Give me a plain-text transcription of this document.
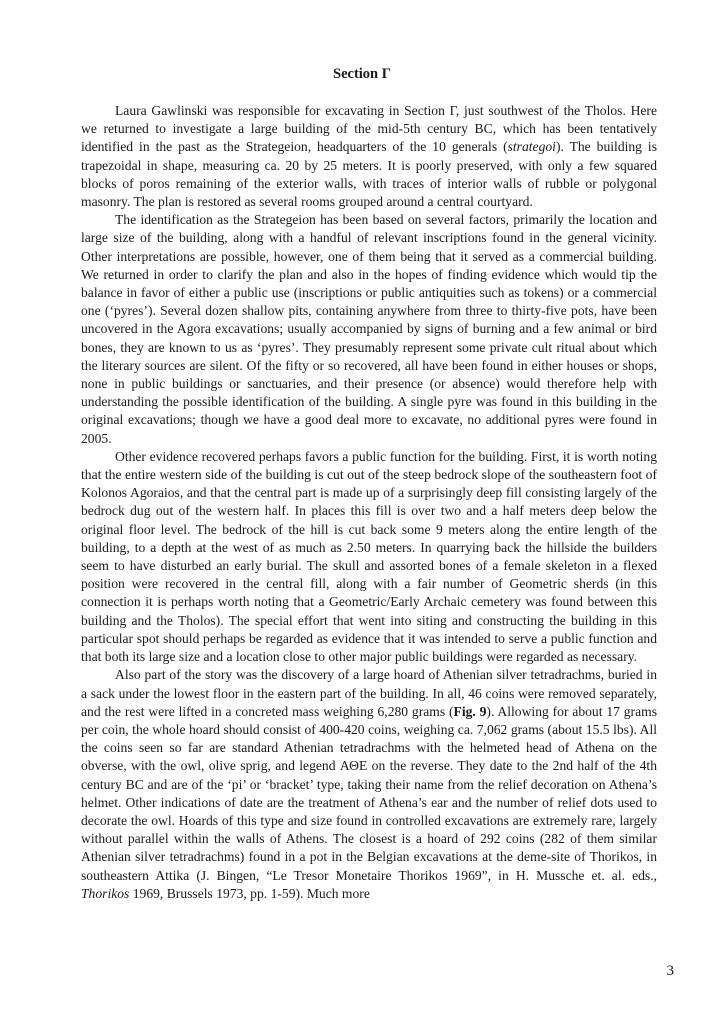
Section Γ

Laura Gawlinski was responsible for excavating in Section Γ, just southwest of the Tholos. Here we returned to investigate a large building of the mid-5th century BC, which has been tentatively identified in the past as the Strategeion, headquarters of the 10 generals (strategoi). The building is trapezoidal in shape, measuring ca. 20 by 25 meters. It is poorly preserved, with only a few squared blocks of poros remaining of the exterior walls, with traces of interior walls of rubble or polygonal masonry. The plan is restored as several rooms grouped around a central courtyard.

The identification as the Strategeion has been based on several factors, primarily the location and large size of the building, along with a handful of relevant inscriptions found in the general vicinity. Other interpretations are possible, however, one of them being that it served as a commercial building. We returned in order to clarify the plan and also in the hopes of finding evidence which would tip the balance in favor of either a public use (inscriptions or public antiquities such as tokens) or a commercial one (‘pyres’). Several dozen shallow pits, containing anywhere from three to thirty-five pots, have been uncovered in the Agora excavations; usually accompanied by signs of burning and a few animal or bird bones, they are known to us as ‘pyres’. They presumably represent some private cult ritual about which the literary sources are silent. Of the fifty or so recovered, all have been found in either houses or shops, none in public buildings or sanctuaries, and their presence (or absence) would therefore help with understanding the possible identification of the building. A single pyre was found in this building in the original excavations; though we have a good deal more to excavate, no additional pyres were found in 2005.

Other evidence recovered perhaps favors a public function for the building. First, it is worth noting that the entire western side of the building is cut out of the steep bedrock slope of the southeastern foot of Kolonos Agoraios, and that the central part is made up of a surprisingly deep fill consisting largely of the bedrock dug out of the western half. In places this fill is over two and a half meters deep below the original floor level. The bedrock of the hill is cut back some 9 meters along the entire length of the building, to a depth at the west of as much as 2.50 meters. In quarrying back the hillside the builders seem to have disturbed an early burial. The skull and assorted bones of a female skeleton in a flexed position were recovered in the central fill, along with a fair number of Geometric sherds (in this connection it is perhaps worth noting that a Geometric/Early Archaic cemetery was found between this building and the Tholos). The special effort that went into siting and constructing the building in this particular spot should perhaps be regarded as evidence that it was intended to serve a public function and that both its large size and a location close to other major public buildings were regarded as necessary.

Also part of the story was the discovery of a large hoard of Athenian silver tetradrachms, buried in a sack under the lowest floor in the eastern part of the building. In all, 46 coins were removed separately, and the rest were lifted in a concreted mass weighing 6,280 grams (Fig. 9). Allowing for about 17 grams per coin, the whole hoard should consist of 400-420 coins, weighing ca. 7,062 grams (about 15.5 lbs). All the coins seen so far are standard Athenian tetradrachms with the helmeted head of Athena on the obverse, with the owl, olive sprig, and legend ΑΘΕ on the reverse. They date to the 2nd half of the 4th century BC and are of the ‘pi’ or ‘bracket’ type, taking their name from the relief decoration on Athena’s helmet. Other indications of date are the treatment of Athena’s ear and the number of relief dots used to decorate the owl. Hoards of this type and size found in controlled excavations are extremely rare, largely without parallel within the walls of Athens. The closest is a hoard of 292 coins (282 of them similar Athenian silver tetradrachms) found in a pot in the Belgian excavations at the deme-site of Thorikos, in southeastern Attika (J. Bingen, “Le Tresor Monetaire Thorikos 1969”, in H. Mussche et. al. eds., Thorikos 1969, Brussels 1973, pp. 1-59). Much more

3
